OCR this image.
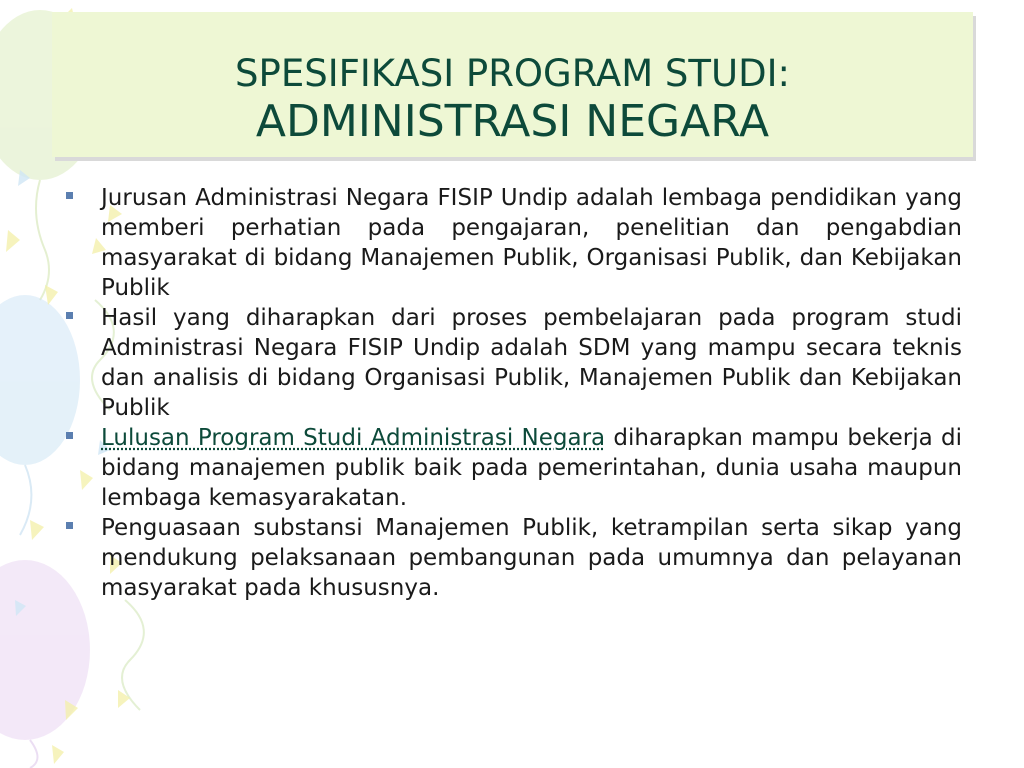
SPESIFIKASI PROGRAM STUDI:
ADMINISTRASI NEGARA

Jurusan Administrasi Negara FISIP Undip adalah lembaga pendidikan yang memberi perhatian pada pengajaran, penelitian dan pengabdian masyarakat di bidang Manajemen Publik, Organisasi Publik, dan Kebijakan Publik

Hasil yang diharapkan dari proses pembelajaran pada program studi Administrasi Negara FISIP Undip adalah SDM yang mampu secara teknis dan analisis di bidang Organisasi Publik, Manajemen Publik dan Kebijakan Publik

Lulusan Program Studi Administrasi Negara diharapkan mampu bekerja di bidang manajemen publik baik pada pemerintahan, dunia usaha maupun lembaga kemasyarakatan.

Penguasaan substansi Manajemen Publik, ketrampilan serta sikap yang mendukung pelaksanaan pembangunan pada umumnya dan pelayanan masyarakat pada khususnya.
